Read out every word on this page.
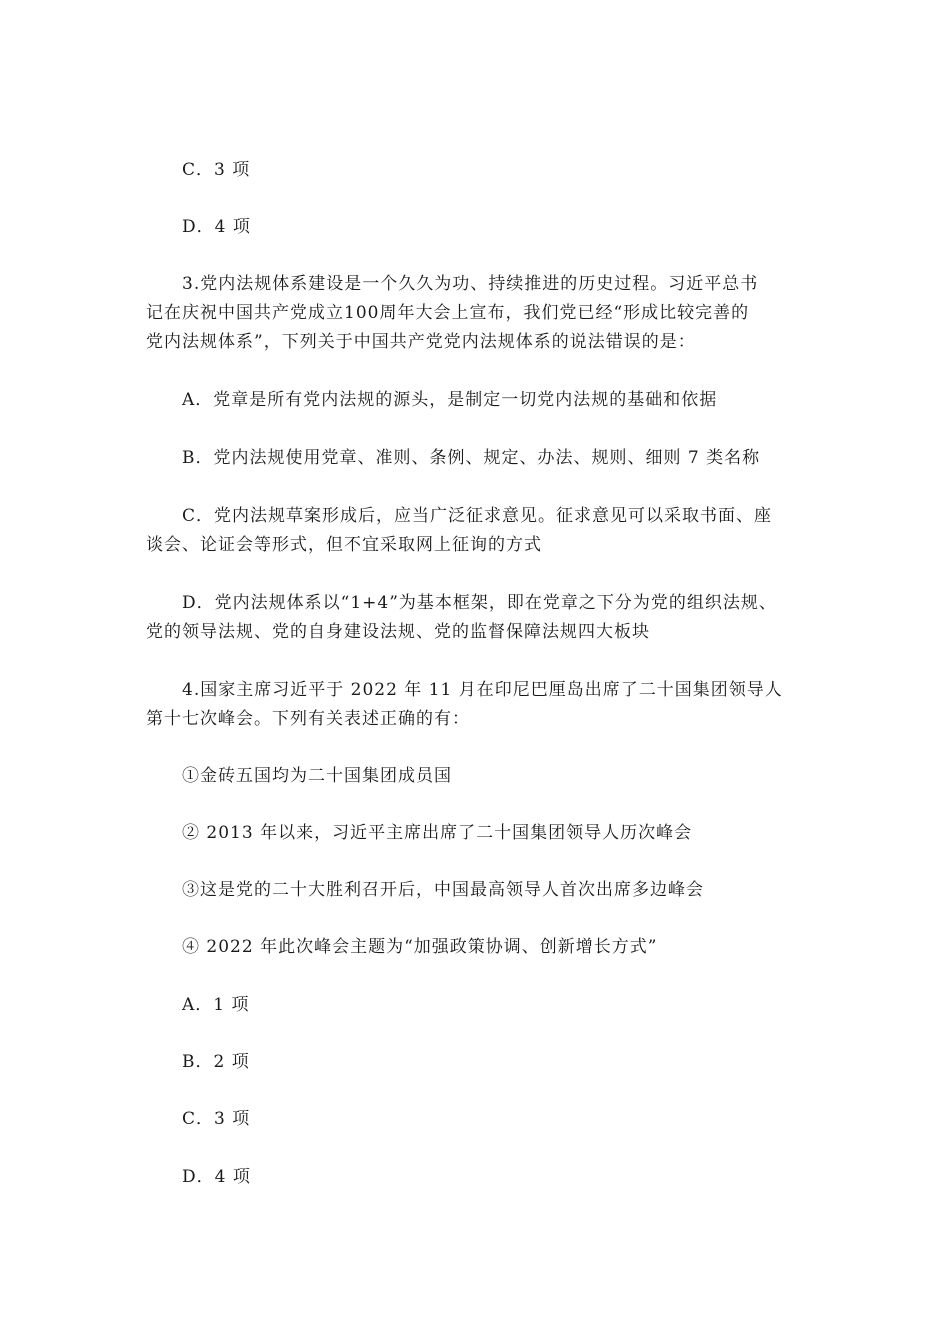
C．3 项
D．4 项
3.党内法规体系建设是一个久久为功、持续推进的历史过程。习近平总书
记在庆祝中国共产党成立100周年大会上宣布，我们党已经“形成比较完善的
党内法规体系”，下列关于中国共产党党内法规体系的说法错误的是：
A．党章是所有党内法规的源头，是制定一切党内法规的基础和依据
B．党内法规使用党章、准则、条例、规定、办法、规则、细则 7 类名称
C．党内法规草案形成后，应当广泛征求意见。征求意见可以采取书面、座
谈会、论证会等形式，但不宜采取网上征询的方式
D．党内法规体系以“1+4”为基本框架，即在党章之下分为党的组织法规、
党的领导法规、党的自身建设法规、党的监督保障法规四大板块
4.国家主席习近平于 2022 年 11 月在印尼巴厘岛出席了二十国集团领导人
第十七次峰会。下列有关表述正确的有：
①金砖五国均为二十国集团成员国
② 2013 年以来，习近平主席出席了二十国集团领导人历次峰会
③这是党的二十大胜利召开后，中国最高领导人首次出席多边峰会
④ 2022 年此次峰会主题为“加强政策协调、创新增长方式”
A．1 项
B．2 项
C．3 项
D．4 项
